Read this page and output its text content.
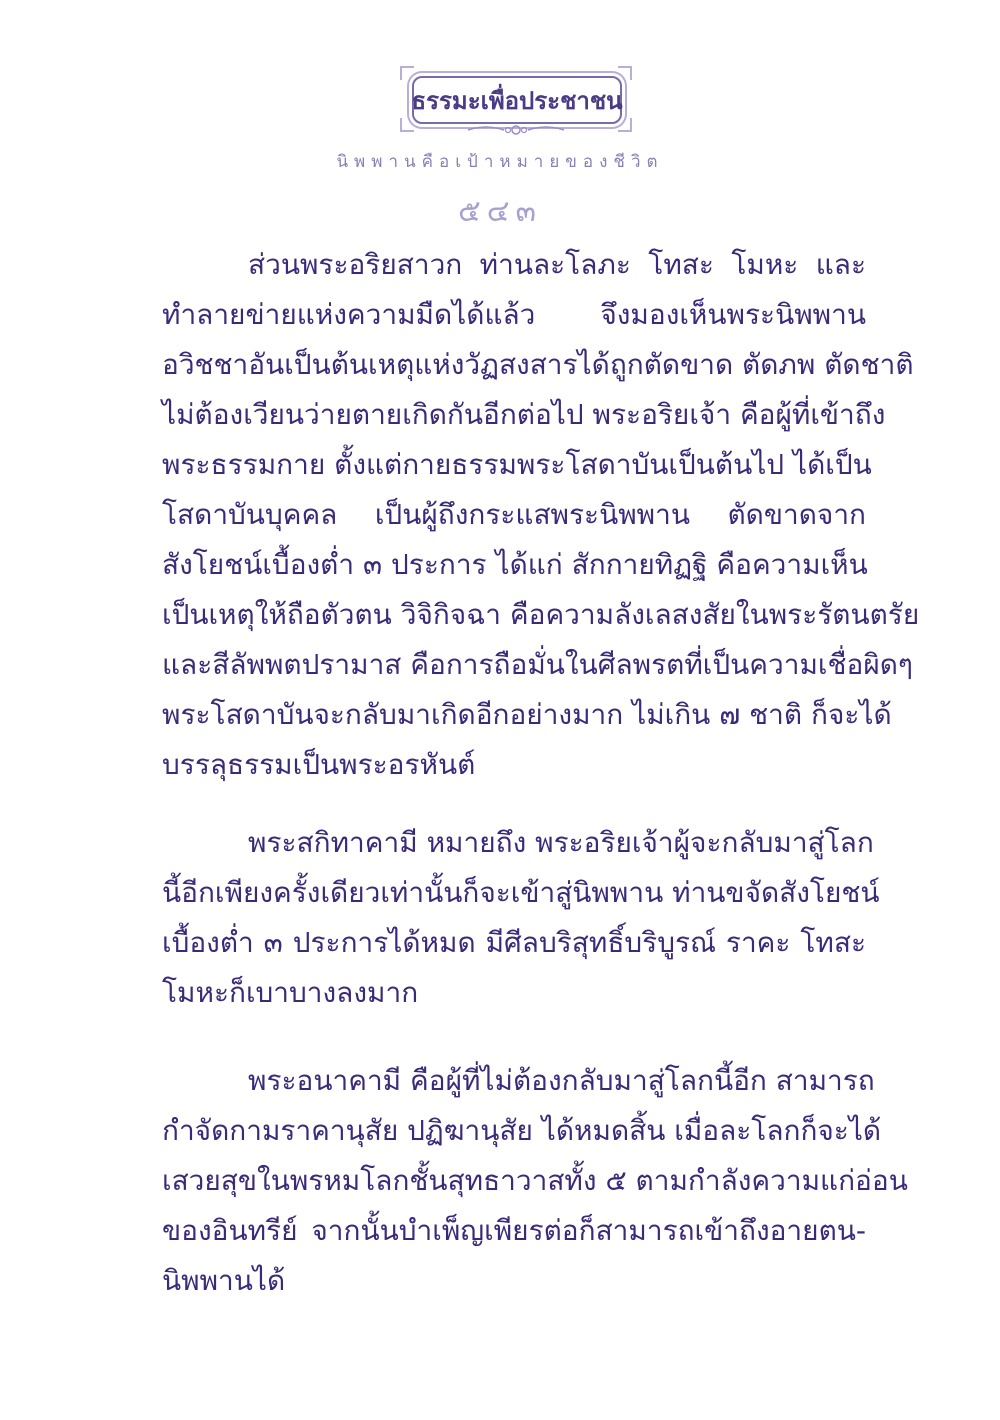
ธรรมะเพื่อประชาชน
นิพพานคือเป้าหมายของชีวิต
๕๔๓
ส่วนพระอริยสาวก ท่านละโลภะ โทสะ โมหะ และ
ทำลายข่ายแห่งความมืดได้แล้ว จึงมองเห็นพระนิพพาน
อวิชชาอันเป็นต้นเหตุแห่งวัฏสงสารได้ถูกตัดขาด ตัดภพ ตัดชาติ
ไม่ต้องเวียนว่ายตายเกิดกันอีกต่อไป พระอริยเจ้า คือผู้ที่เข้าถึง
พระธรรมกาย ตั้งแต่กายธรรมพระโสดาบันเป็นต้นไป ได้เป็น
โสดาบันบุคคล เป็นผู้ถึงกระแสพระนิพพาน ตัดขาดจาก
สังโยชน์เบื้องต่ำ ๓ ประการ ได้แก่ สักกายทิฏฐิ คือความเห็น
เป็นเหตุให้ถือตัวตน วิจิกิจฉา คือความลังเลสงสัยในพระรัตนตรัย
และสีลัพพตปรามาส คือการถือมั่นในศีลพรตที่เป็นความเชื่อผิดๆ
พระโสดาบันจะกลับมาเกิดอีกอย่างมาก ไม่เกิน ๗ ชาติ ก็จะได้
บรรลุธรรมเป็นพระอรหันต์
พระสกิทาคามี หมายถึง พระอริยเจ้าผู้จะกลับมาสู่โลก
นี้อีกเพียงครั้งเดียวเท่านั้นก็จะเข้าสู่นิพพาน ท่านขจัดสังโยชน์
เบื้องต่ำ ๓ ประการได้หมด มีศีลบริสุทธิ์บริบูรณ์ ราคะ โทสะ
โมหะก็เบาบางลงมาก
พระอนาคามี คือผู้ที่ไม่ต้องกลับมาสู่โลกนี้อีก สามารถ
กำจัดกามราคานุสัย ปฏิฆานุสัย ได้หมดสิ้น เมื่อละโลกก็จะได้
เสวยสุขในพรหมโลกชั้นสุทธาวาสทั้ง ๕ ตามกำลังความแก่อ่อน
ของอินทรีย์ จากนั้นบำเพ็ญเพียรต่อก็สามารถเข้าถึงอายตน-
นิพพานได้
